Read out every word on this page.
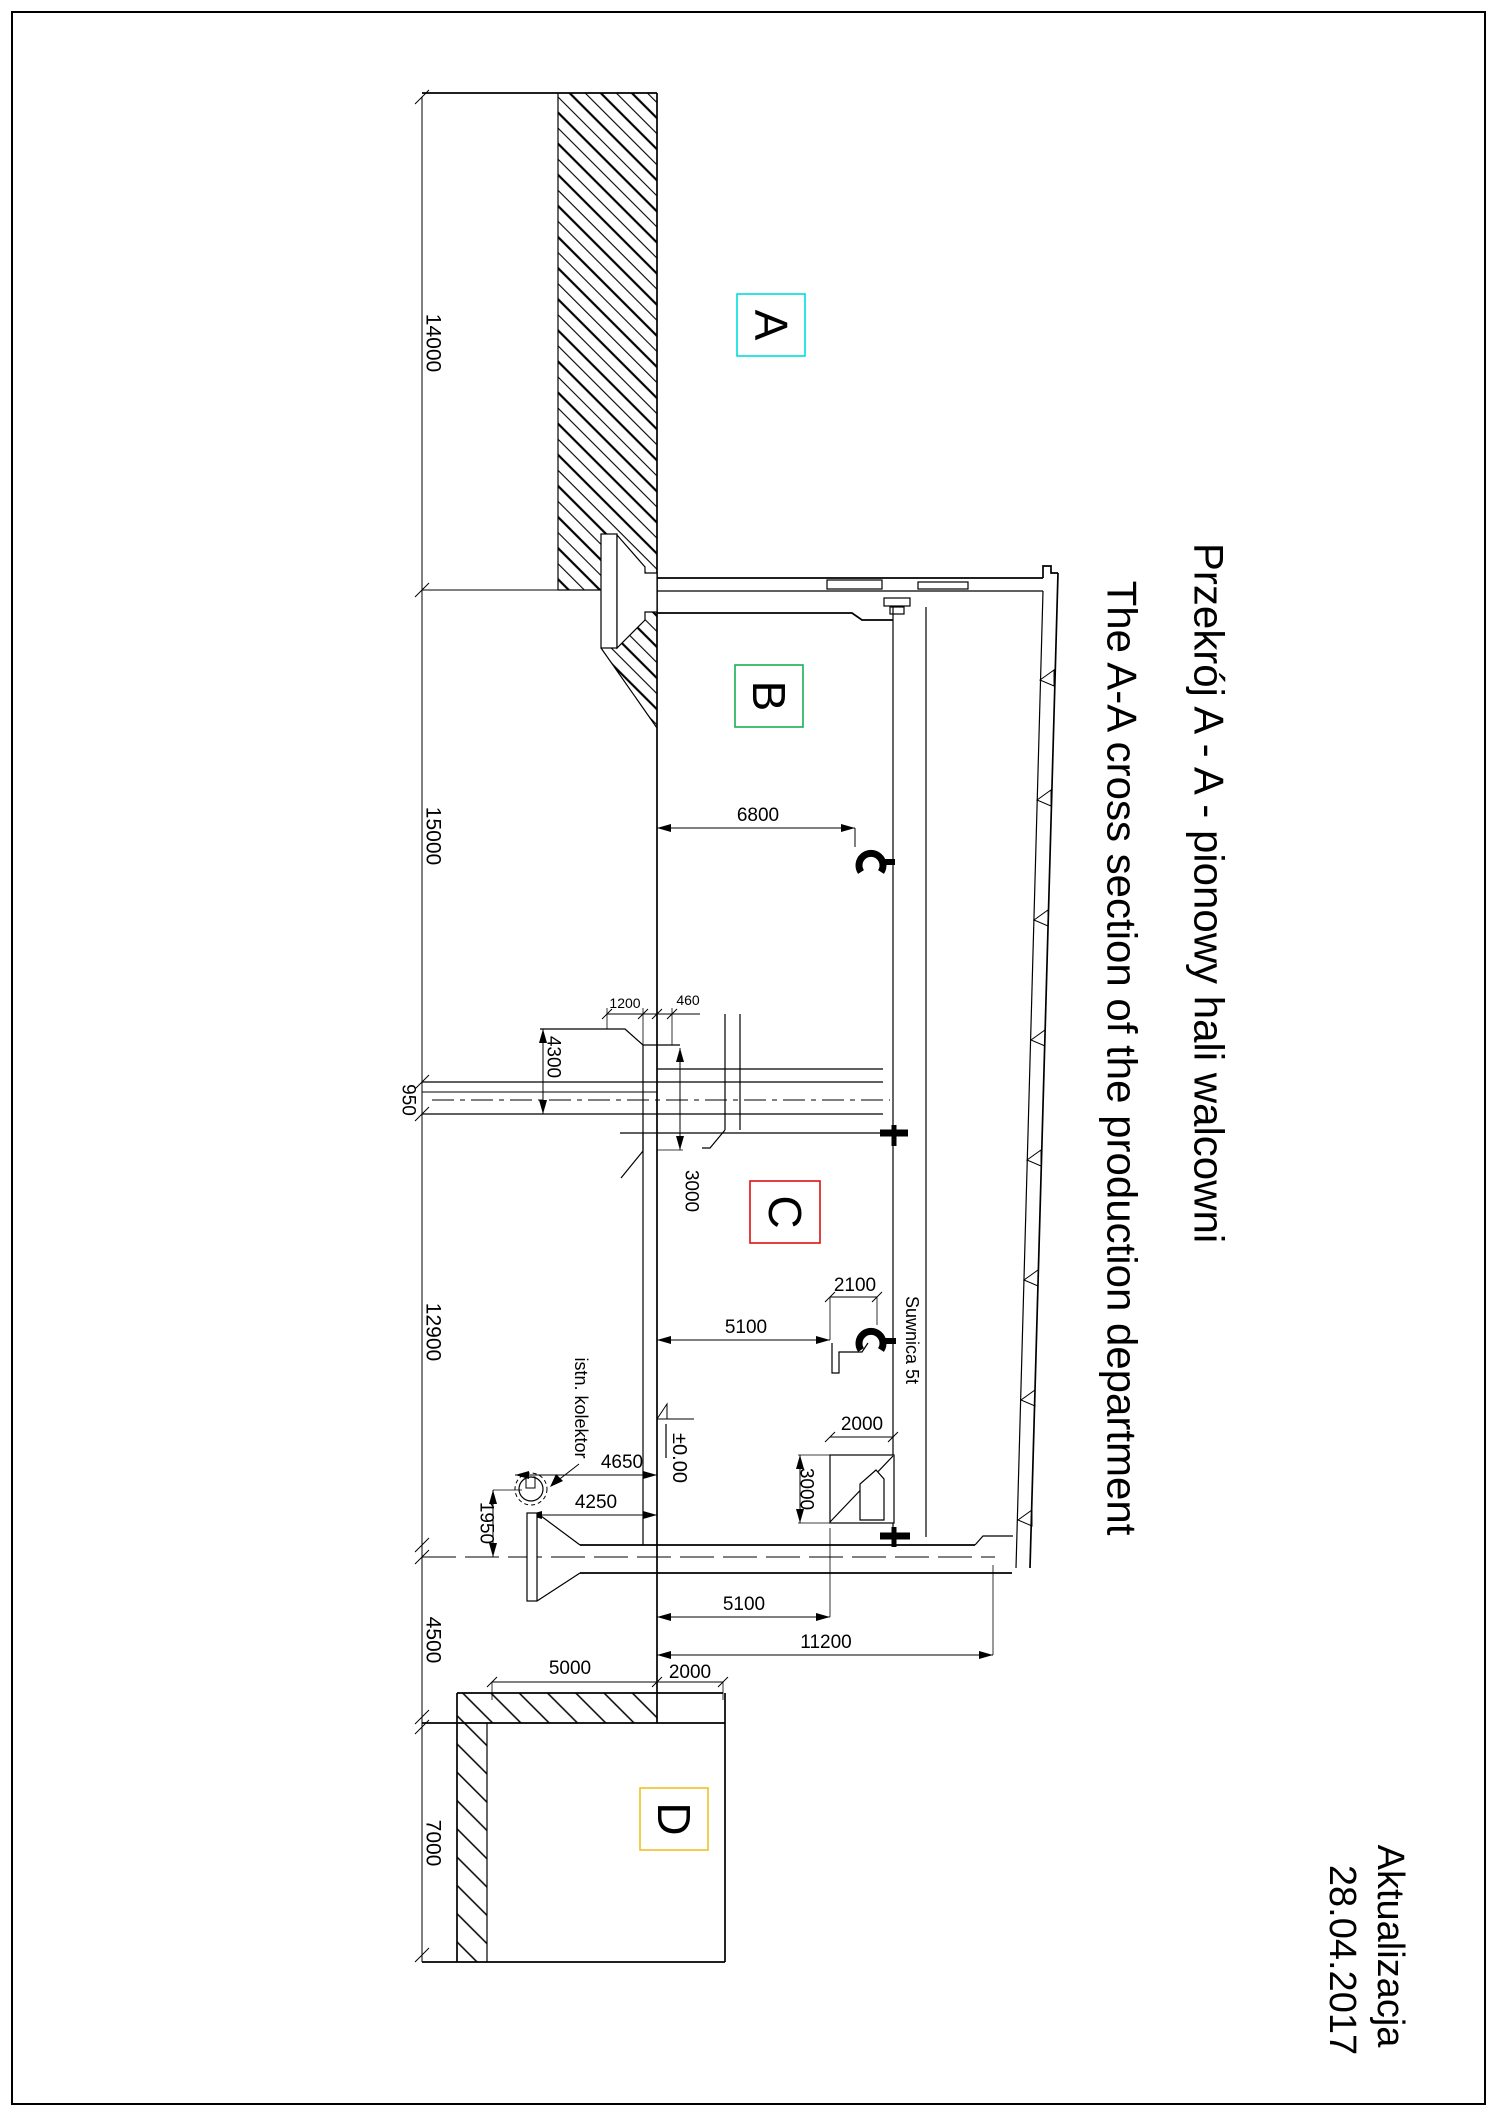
6800
2100
5100
2000
3000
±0.00
istn. kolektor
4650
4250
1950
1200	460
4300
3000
5100
11200
5000	2000
14000
15000
950
12900
4500
7000
A
B
C
D
Suwnica 5t
Przekrój A - A - pionowy hali walcowni
The A-A cross section of the production department
Aktualizacja
28.04.2017
